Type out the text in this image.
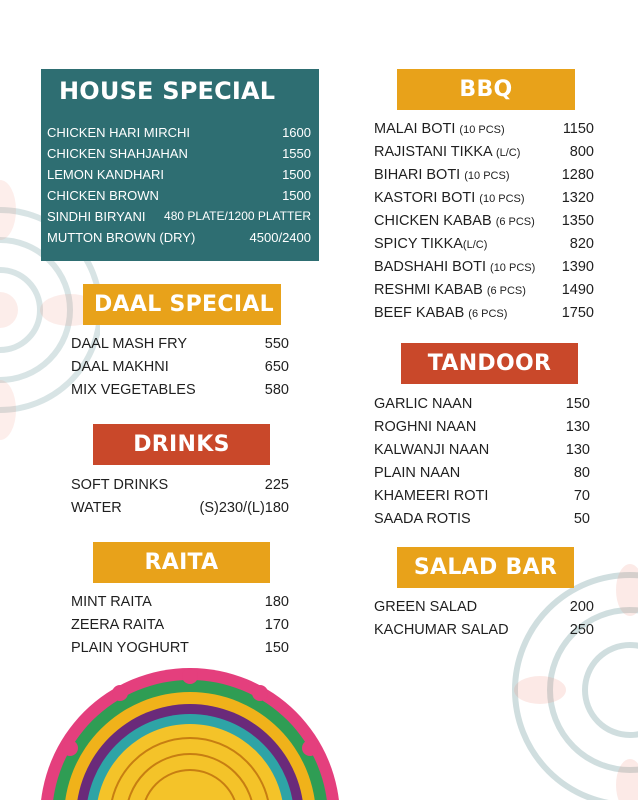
HOUSE SPECIAL
CHICKEN HARI MIRCHI	1600
CHICKEN SHAHJAHAN	1550
LEMON KANDHARI	1500
CHICKEN BROWN	1500
SINDHI BIRYANI 480 PLATE/1200 PLATTER
MUTTON BROWN (DRY)	4500/2400
DAAL SPECIAL
DAAL MASH FRY	550
DAAL MAKHNI	650
MIX VEGETABLES	580
DRINKS
SOFT DRINKS	225
WATER	(S)230/(L)180
RAITA
MINT RAITA	180
ZEERA RAITA	170
PLAIN YOGHURT	150
BBQ
MALAI BOTI (10 PCS)	1150
RAJISTANI TIKKA (L/C)	800
BIHARI BOTI (10 PCS)	1280
KASTORI BOTI (10 PCS)	1320
CHICKEN KABAB (6 PCS) 1350
SPICY TIKKA(L/C)	820
BADSHAHI BOTI (10 PCS) 1390
RESHMI KABAB (6 PCS) 1490
BEEF KABAB (6 PCS)	1750
TANDOOR
GARLIC NAAN	150
ROGHNI NAAN	130
KALWANJI NAAN	130
PLAIN NAAN	80
KHAMEERI ROTI	70
SAADA ROTIS	50
SALAD BAR
GREEN SALAD	200
KACHUMAR SALAD	250
